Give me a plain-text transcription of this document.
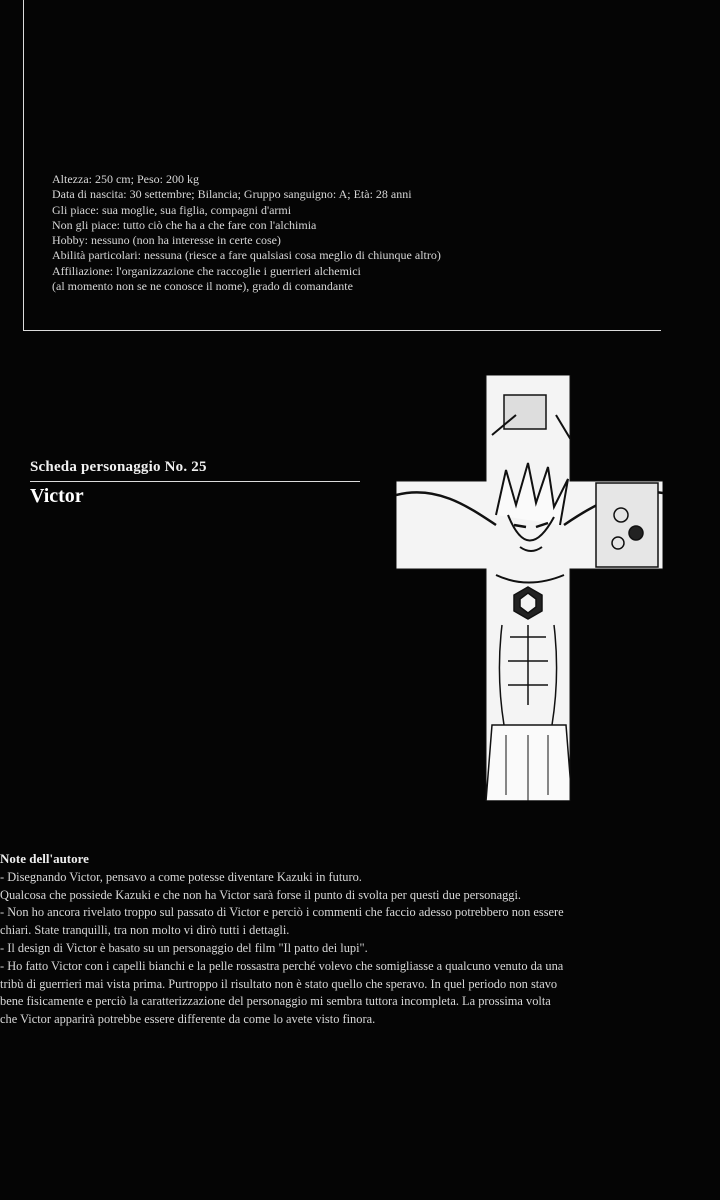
Altezza: 250 cm; Peso: 200 kg
Data di nascita: 30 settembre; Bilancia; Gruppo sanguigno: A; Età: 28 anni
Gli piace: sua moglie, sua figlia, compagni d'armi
Non gli piace: tutto ciò che ha a che fare con l'alchimia
Hobby: nessuno (non ha interesse in certe cose)
Abilità particolari: nessuna (riesce a fare qualsiasi cosa meglio di chiunque altro)
Affiliazione: l'organizzazione che raccoglie i guerrieri alchemici
(al momento non se ne conosce il nome), grado di comandante
Scheda personaggio No. 25
Victor
Note dell'autore
- Disegnando Victor, pensavo a come potesse diventare Kazuki in futuro.
Qualcosa che possiede Kazuki e che non ha Victor sarà forse il punto di svolta per questi due personaggi.
- Non ho ancora rivelato troppo sul passato di Victor e perciò i commenti che faccio adesso potrebbero non essere
chiari. State tranquilli, tra non molto vi dirò tutti i dettagli.
- Il design di Victor è basato su un personaggio del film "Il patto dei lupi".
- Ho fatto Victor con i capelli bianchi e la pelle rossastra perché volevo che somigliasse a qualcuno venuto da una
tribù di guerrieri mai vista prima. Purtroppo il risultato non è stato quello che speravo. In quel periodo non stavo
bene fisicamente e perciò la caratterizzazione del personaggio mi sembra tuttora incompleta. La prossima volta
che Victor apparirà potrebbe essere differente da come lo avete visto finora.
